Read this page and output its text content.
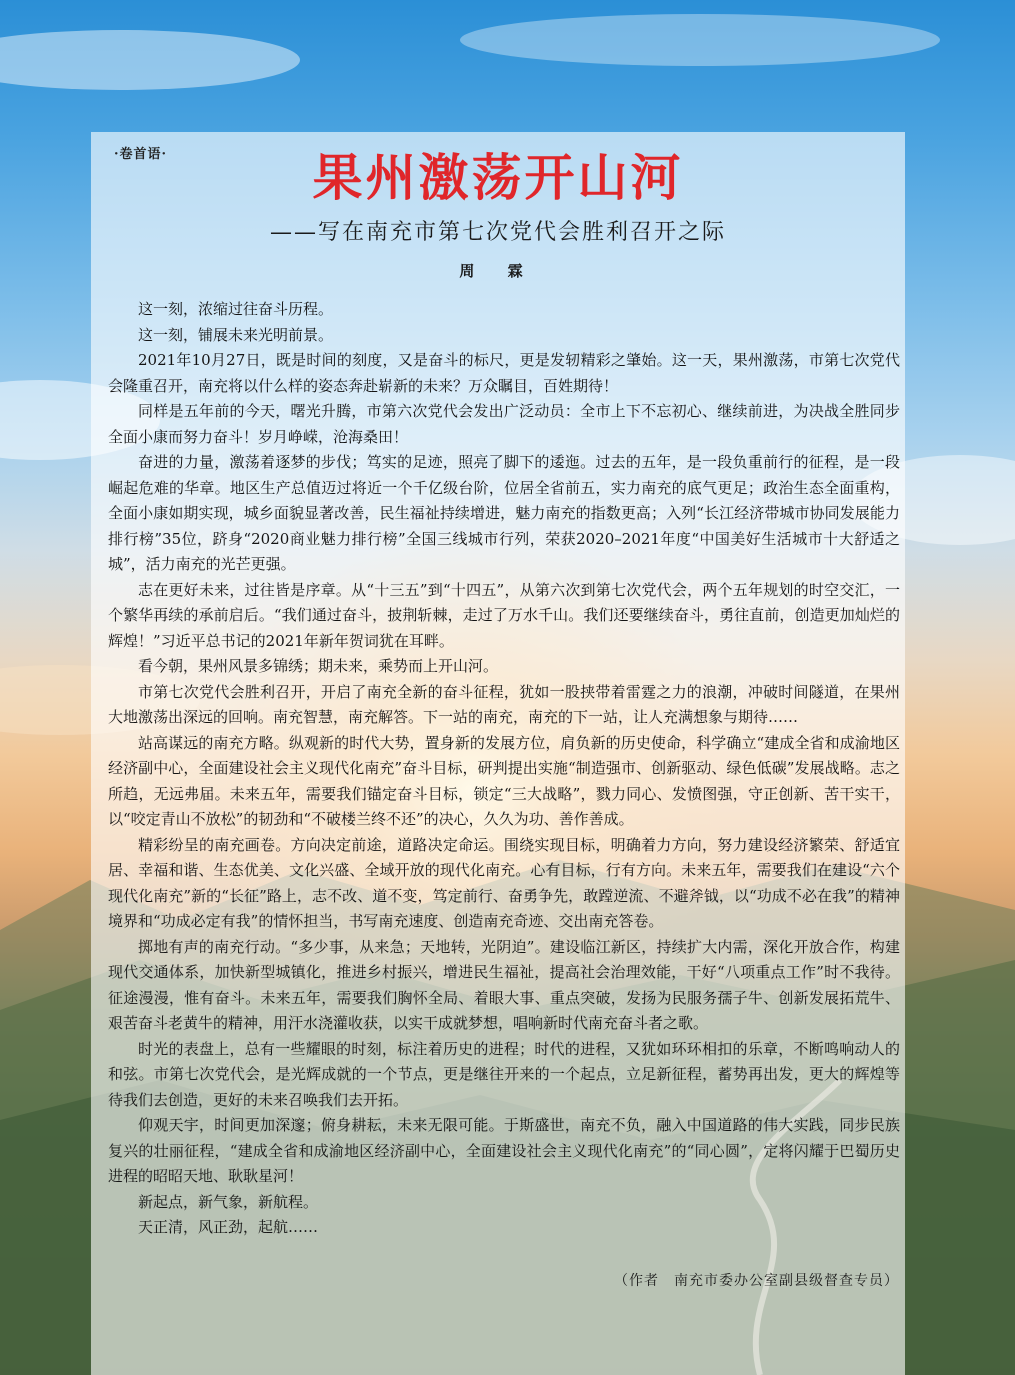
·卷首语·	果州激荡开山河
——写在南充市第七次党代会胜利召开之际
周 霖

这一刻，浓缩过往奋斗历程。

这一刻，铺展未来光明前景。

2021年10月27日，既是时间的刻度，又是奋斗的标尺，更是发轫精彩之肇始。这一天，果州激荡，市第七次党代会隆重召开，南充将以什么样的姿态奔赴崭新的未来？万众瞩目，百姓期待！

同样是五年前的今天，曙光升腾，市第六次党代会发出广泛动员：全市上下不忘初心、继续前进，为决战全胜同步全面小康而努力奋斗！岁月峥嵘，沧海桑田！

奋进的力量，激荡着逐梦的步伐；笃实的足迹，照亮了脚下的逶迤。过去的五年，是一段负重前行的征程，是一段崛起危难的华章。地区生产总值迈过将近一个千亿级台阶，位居全省前五，实力南充的底气更足；政治生态全面重构，全面小康如期实现，城乡面貌显著改善，民生福祉持续增进，魅力南充的指数更高；入列“长江经济带城市协同发展能力排行榜”35位，跻身“2020商业魅力排行榜”全国三线城市行列，荣获2020–2021年度“中国美好生活城市十大舒适之城”，活力南充的光芒更强。

志在更好未来，过往皆是序章。从“十三五”到“十四五”，从第六次到第七次党代会，两个五年规划的时空交汇，一个繁华再续的承前启后。“我们通过奋斗，披荆斩棘，走过了万水千山。我们还要继续奋斗，勇往直前，创造更加灿烂的辉煌！”习近平总书记的2021年新年贺词犹在耳畔。

看今朝，果州风景多锦绣；期未来，乘势而上开山河。

市第七次党代会胜利召开，开启了南充全新的奋斗征程，犹如一股挟带着雷霆之力的浪潮，冲破时间隧道，在果州大地激荡出深远的回响。南充智慧，南充解答。下一站的南充，南充的下一站，让人充满想象与期待……

站高谋远的南充方略。纵观新的时代大势，置身新的发展方位，肩负新的历史使命，科学确立“建成全省和成渝地区经济副中心，全面建设社会主义现代化南充”奋斗目标，研判提出实施“制造强市、创新驱动、绿色低碳”发展战略。志之所趋，无远弗届。未来五年，需要我们锚定奋斗目标，锁定“三大战略”，戮力同心、发愤图强，守正创新、苦干实干，以“咬定青山不放松”的韧劲和“不破楼兰终不还”的决心，久久为功、善作善成。

精彩纷呈的南充画卷。方向决定前途，道路决定命运。围绕实现目标，明确着力方向，努力建设经济繁荣、舒适宜居、幸福和谐、生态优美、文化兴盛、全域开放的现代化南充。心有目标，行有方向。未来五年，需要我们在建设“六个现代化南充”新的“长征”路上，志不改、道不变，笃定前行、奋勇争先，敢蹚逆流、不避斧钺，以“功成不必在我”的精神境界和“功成必定有我”的情怀担当，书写南充速度、创造南充奇迹、交出南充答卷。

掷地有声的南充行动。“多少事，从来急；天地转，光阴迫”。建设临江新区，持续扩大内需，深化开放合作，构建现代交通体系，加快新型城镇化，推进乡村振兴，增进民生福祉，提高社会治理效能，干好“八项重点工作”时不我待。征途漫漫，惟有奋斗。未来五年，需要我们胸怀全局、着眼大事、重点突破，发扬为民服务孺子牛、创新发展拓荒牛、艰苦奋斗老黄牛的精神，用汗水浇灌收获，以实干成就梦想，唱响新时代南充奋斗者之歌。

时光的表盘上，总有一些耀眼的时刻，标注着历史的进程；时代的进程，又犹如环环相扣的乐章，不断鸣响动人的和弦。市第七次党代会，是光辉成就的一个节点，更是继往开来的一个起点，立足新征程，蓄势再出发，更大的辉煌等待我们去创造，更好的未来召唤我们去开拓。

仰观天宇，时间更加深邃；俯身耕耘，未来无限可能。于斯盛世，南充不负，融入中国道路的伟大实践，同步民族复兴的壮丽征程，“建成全省和成渝地区经济副中心，全面建设社会主义现代化南充”的“同心圆”，定将闪耀于巴蜀历史进程的昭昭天地、耿耿星河！

新起点，新气象，新航程。

天正清，风正劲，起航……

（作者　南充市委办公室副县级督查专员）
